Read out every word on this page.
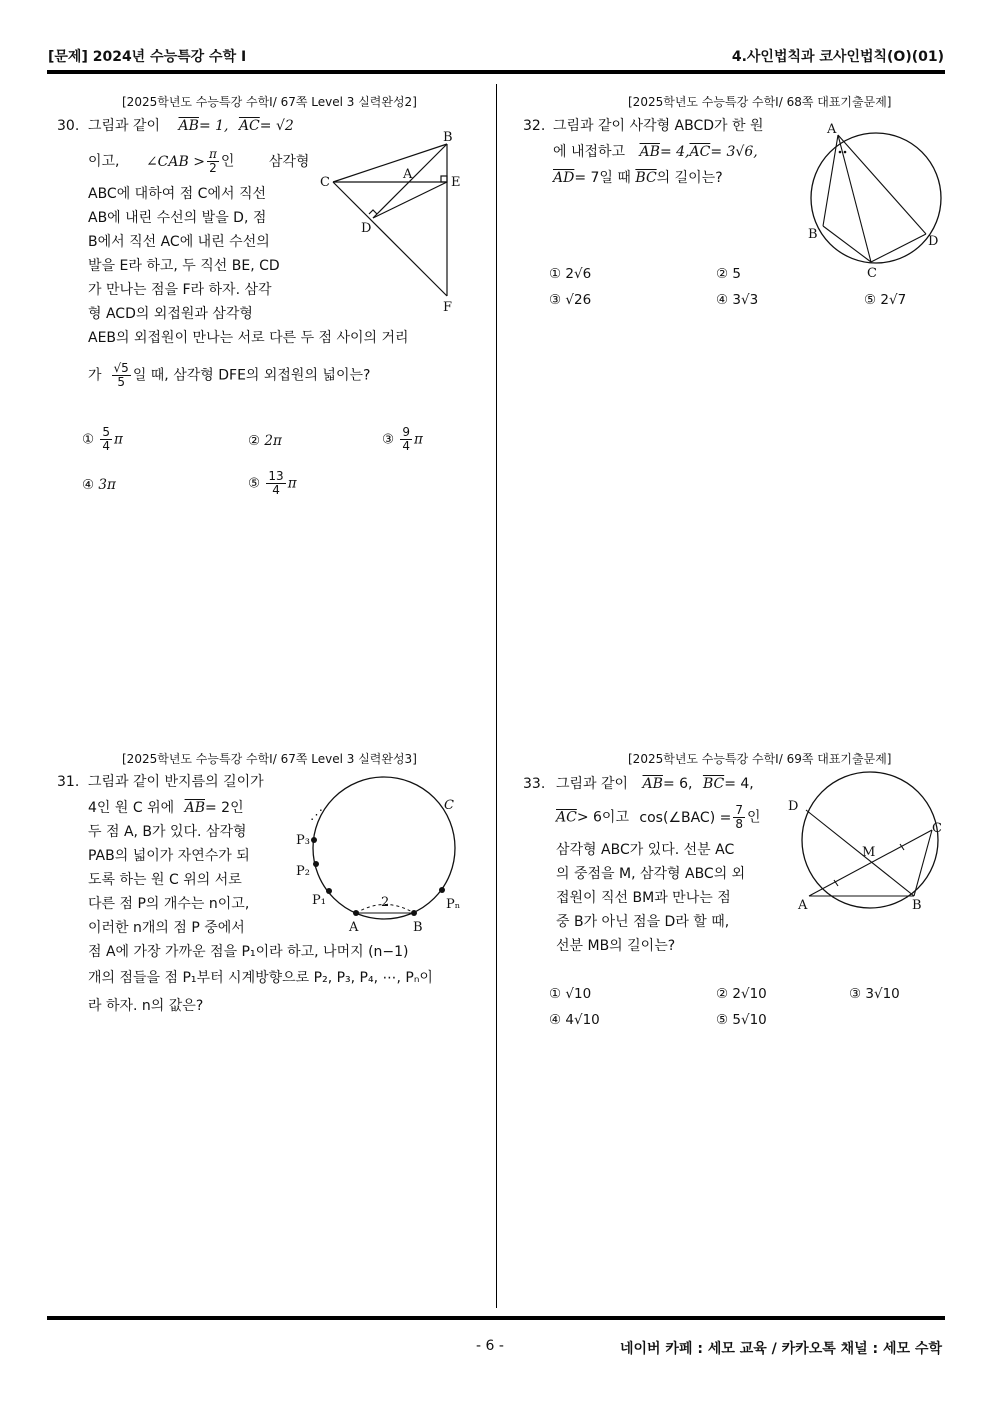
[문제] 2024년 수능특강 수학 I	4.사인법칙과 코사인법칙(O)(01)
[2025학년도 수능특강 수학Ⅰ/ 67쪽 Level 3 실력완성2]
30. 그림과 같이 $\overline{AB}= 1$, $\overline{AC}= √2$
이고, ∠CAB > $\frac{\pi}{2}$ 인 삼각형
ABC에 대하여 점 C에서 직선
AB에 내린 수선의 발을 D, 점
B에서 직선 AC에 내린 수선의
발을 E라 하고, 두 직선 BE, CD
가 만나는 점을 F라 하자. 삼각
형 ACD의 외접원과 삼각형
AEB의 외접원이 만나는 서로 다른 두 점 사이의 거리
가 $\frac{√5}{5}$ 일 때, 삼각형 DFE의 외접원의 넓이는?
B
C
A
E
D
F
① $\frac{5}{4}$ π	② 2π	③ $\frac{9}{4}$ π
④ 3π	⑤ $\frac{13}{4}$ π
[2025학년도 수능특강 수학Ⅰ/ 68쪽 대표기출문제]
32. 그림과 같이 사각형 ABCD가 한 원
에 내접하고 $\overline{AB}= 4,\overline{AC}= 3√6$,
$\overline{AD}= 7$일 때 $\overline{BC}$의 길이는?
A
B
C
D
① 2√6	② 5
③ √26	④ 3√3	⑤ 2√7
[2025학년도 수능특강 수학Ⅰ/ 67쪽 Level 3 실력완성3]
31. 그림과 같이 반지름의 길이가
4인 원 C 위에 $\overline{AB}= 2$인
두 점 A, B가 있다. 삼각형
PAB의 넓이가 자연수가 되
도록 하는 원 C 위의 서로
다른 점 P의 개수는 n이고,
이러한 n개의 점 P 중에서
점 A에 가장 가까운 점을 P₁이라 하고, 나머지 (n−1)
개의 점들을 점 P₁부터 시계방향으로 P₂, P₃, P₄, ⋯, Pₙ이
라 하자. n의 값은?
C
P₃
P₂
P₁	Pₙ
A	B
2
⋰
[2025학년도 수능특강 수학Ⅰ/ 69쪽 대표기출문제]
33. 그림과 같이 $\overline{AB}= 6$, $\overline{BC}= 4$,
$\overline{AC}> 6$이고 cos(∠BAC) = $\frac{7}{8}$ 인
삼각형 ABC가 있다. 선분 AC
의 중점을 M, 삼각형 ABC의 외
접원이 직선 BM과 만나는 점
중 B가 아닌 점을 D라 할 때,
선분 MB의 길이는?
D
C
M
A	B
① √10	② 2√10	③ 3√10
④ 4√10	⑤ 5√10
- 6 -	네이버 카페 : 세모 교육 / 카카오톡 채널 : 세모 수학
